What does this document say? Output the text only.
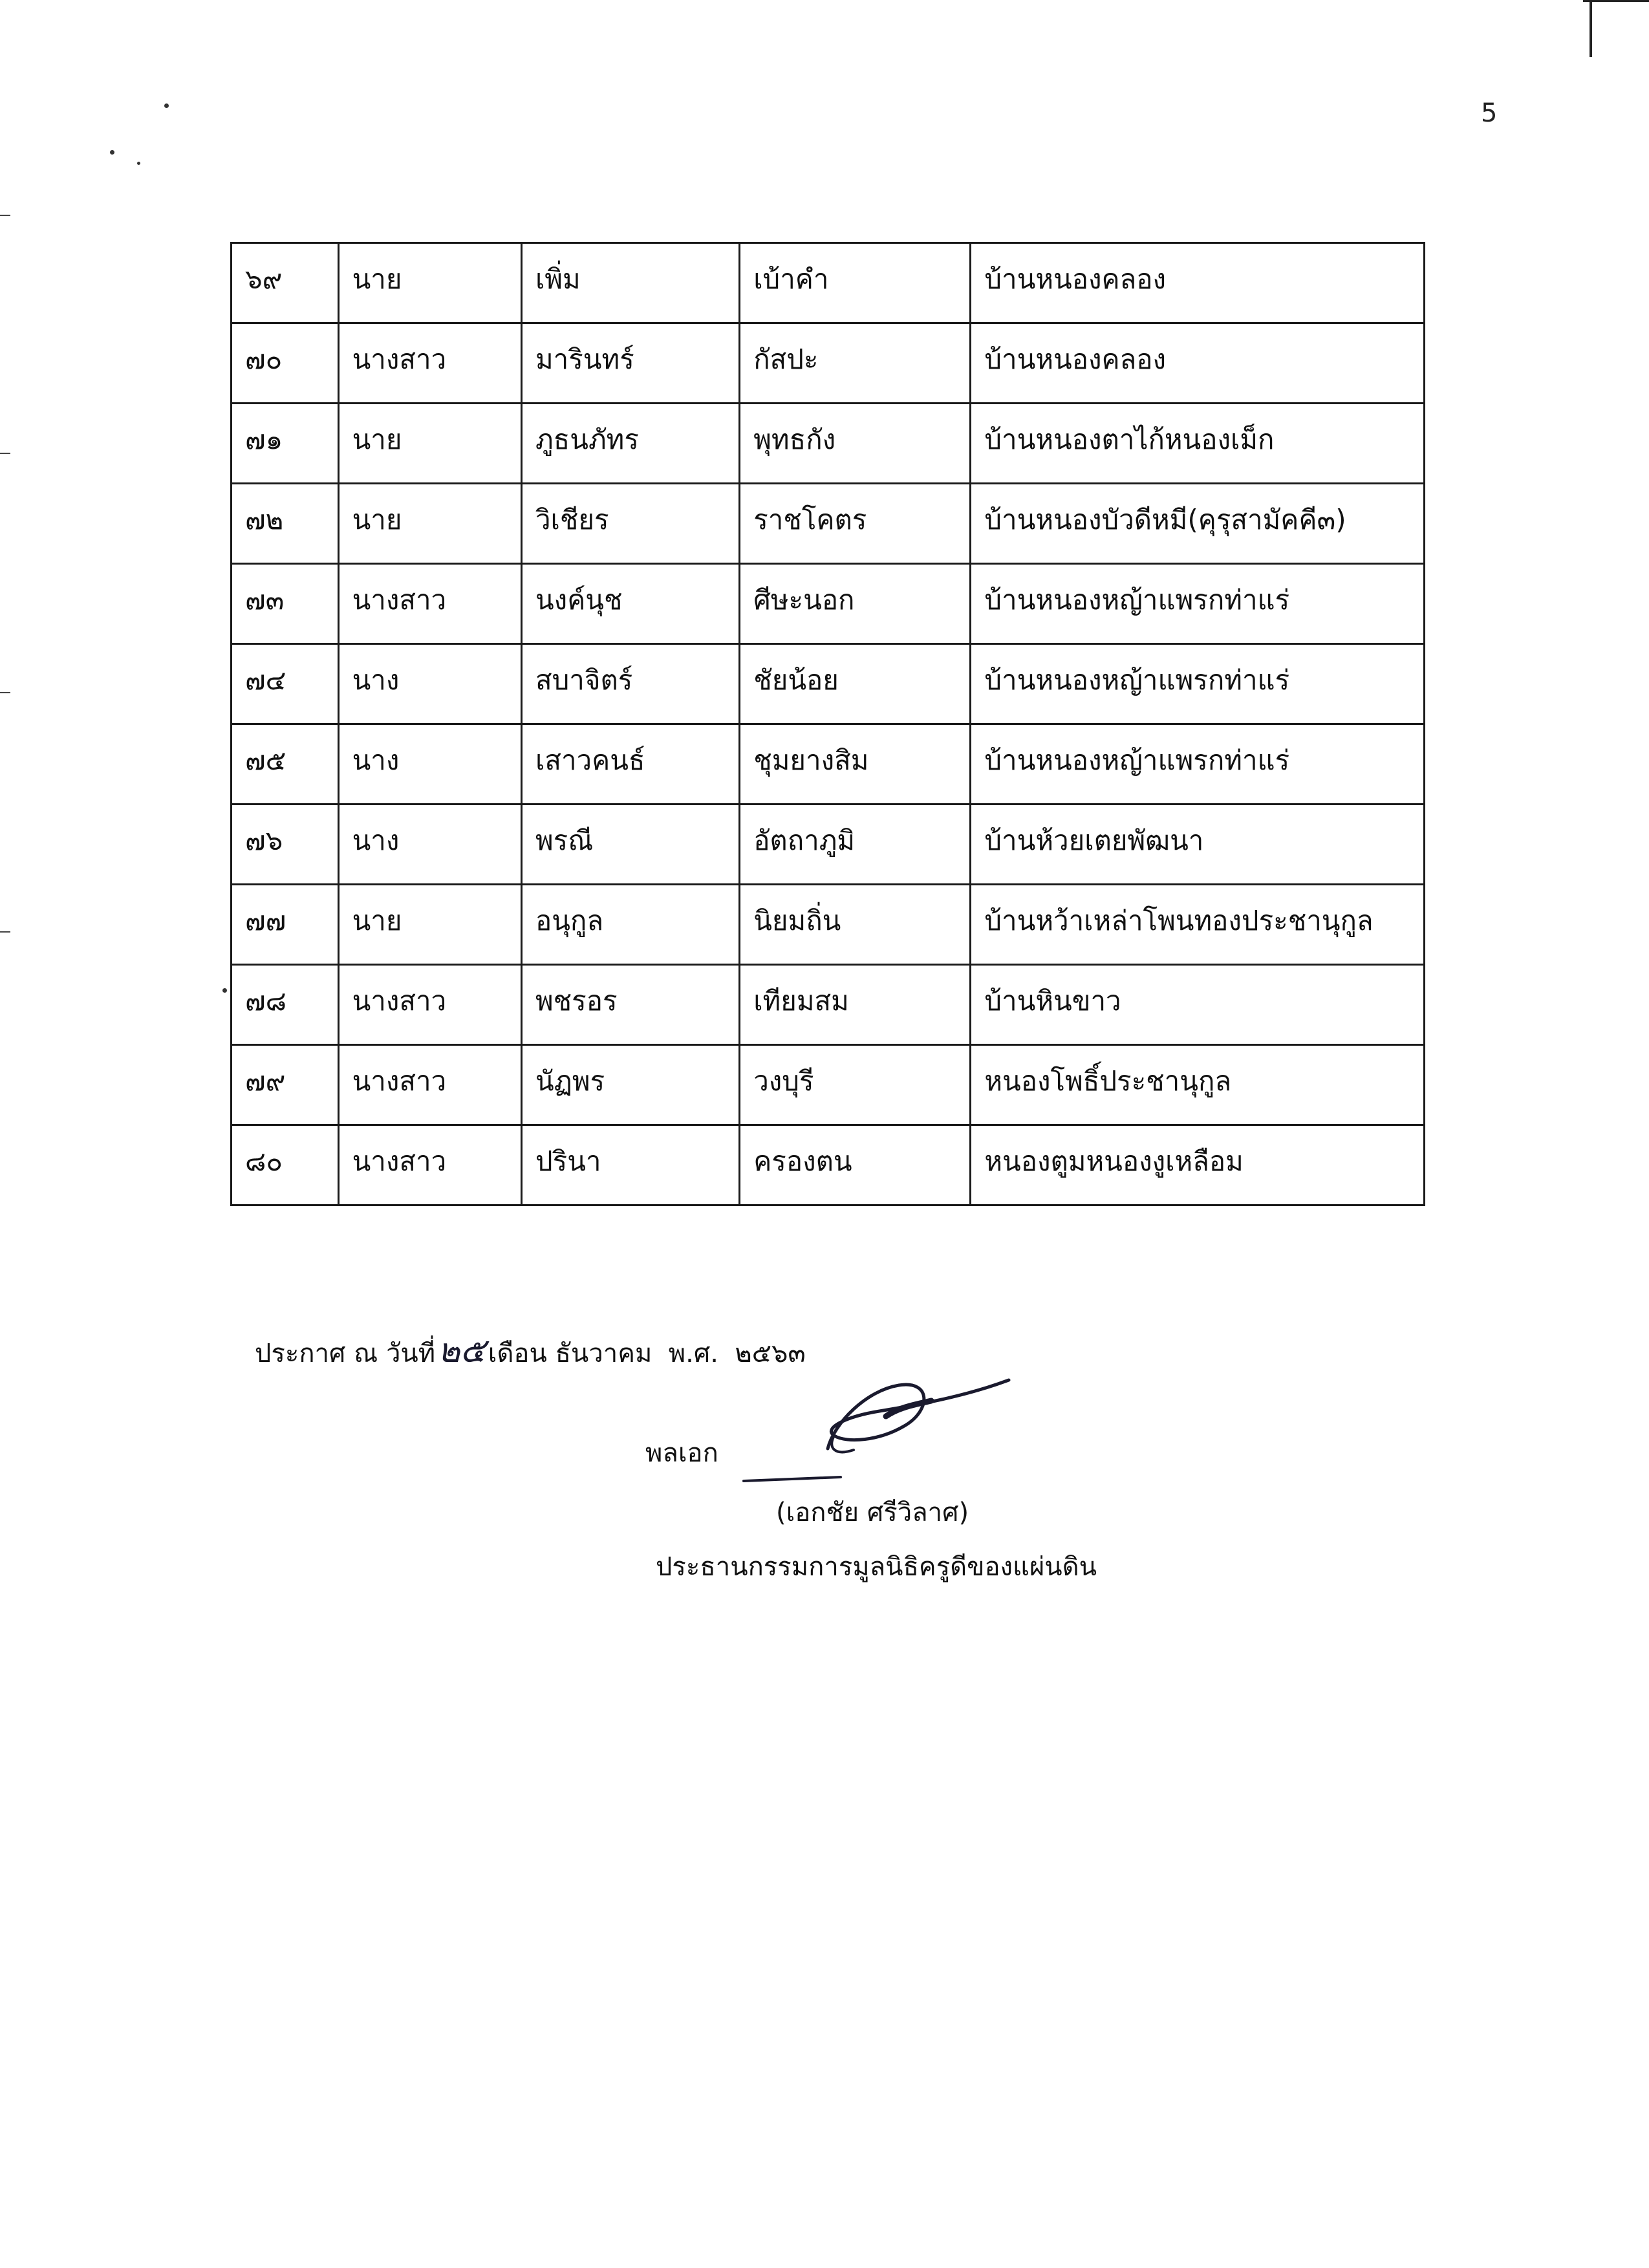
5
๖๙	นาย	เพิ่ม	เบ้าคำ	บ้านหนองคลอง
๗๐	นางสาว	มารินทร์	กัสปะ	บ้านหนองคลอง
๗๑	นาย	ภูธนภัทร	พุทธกัง	บ้านหนองตาไก้หนองเม็ก
๗๒	นาย	วิเชียร	ราชโคตร	บ้านหนองบัวดีหมี(คุรุสามัคคี๓)
๗๓	นางสาว	นงค์นุช	ศีษะนอก	บ้านหนองหญ้าแพรกท่าแร่
๗๔	นาง	สบาจิตร์	ชัยน้อย	บ้านหนองหญ้าแพรกท่าแร่
๗๕	นาง	เสาวคนธ์	ชุมยางสิม	บ้านหนองหญ้าแพรกท่าแร่
๗๖	นาง	พรณี	อัตถาภูมิ	บ้านห้วยเตยพัฒนา
๗๗	นาย	อนุกูล	นิยมถิ่น	บ้านหว้าเหล่าโพนทองประชานุกูล
๗๘	นางสาว	พชรอร	เทียมสม	บ้านหินขาว
๗๙	นางสาว	นัฏพร	วงบุรี	หนองโพธิ์ประชานุกูล
๘๐	นางสาว	ปรินา	ครองตน	หนองตูมหนองงูเหลือม
ประกาศ ณ วันที่๒๕ เดือน ธันวาคม พ.ศ. ๒๕๖๓
พลเอก
(เอกชัย ศรีวิลาศ)
ประธานกรรมการมูลนิธิครูดีของแผ่นดิน
